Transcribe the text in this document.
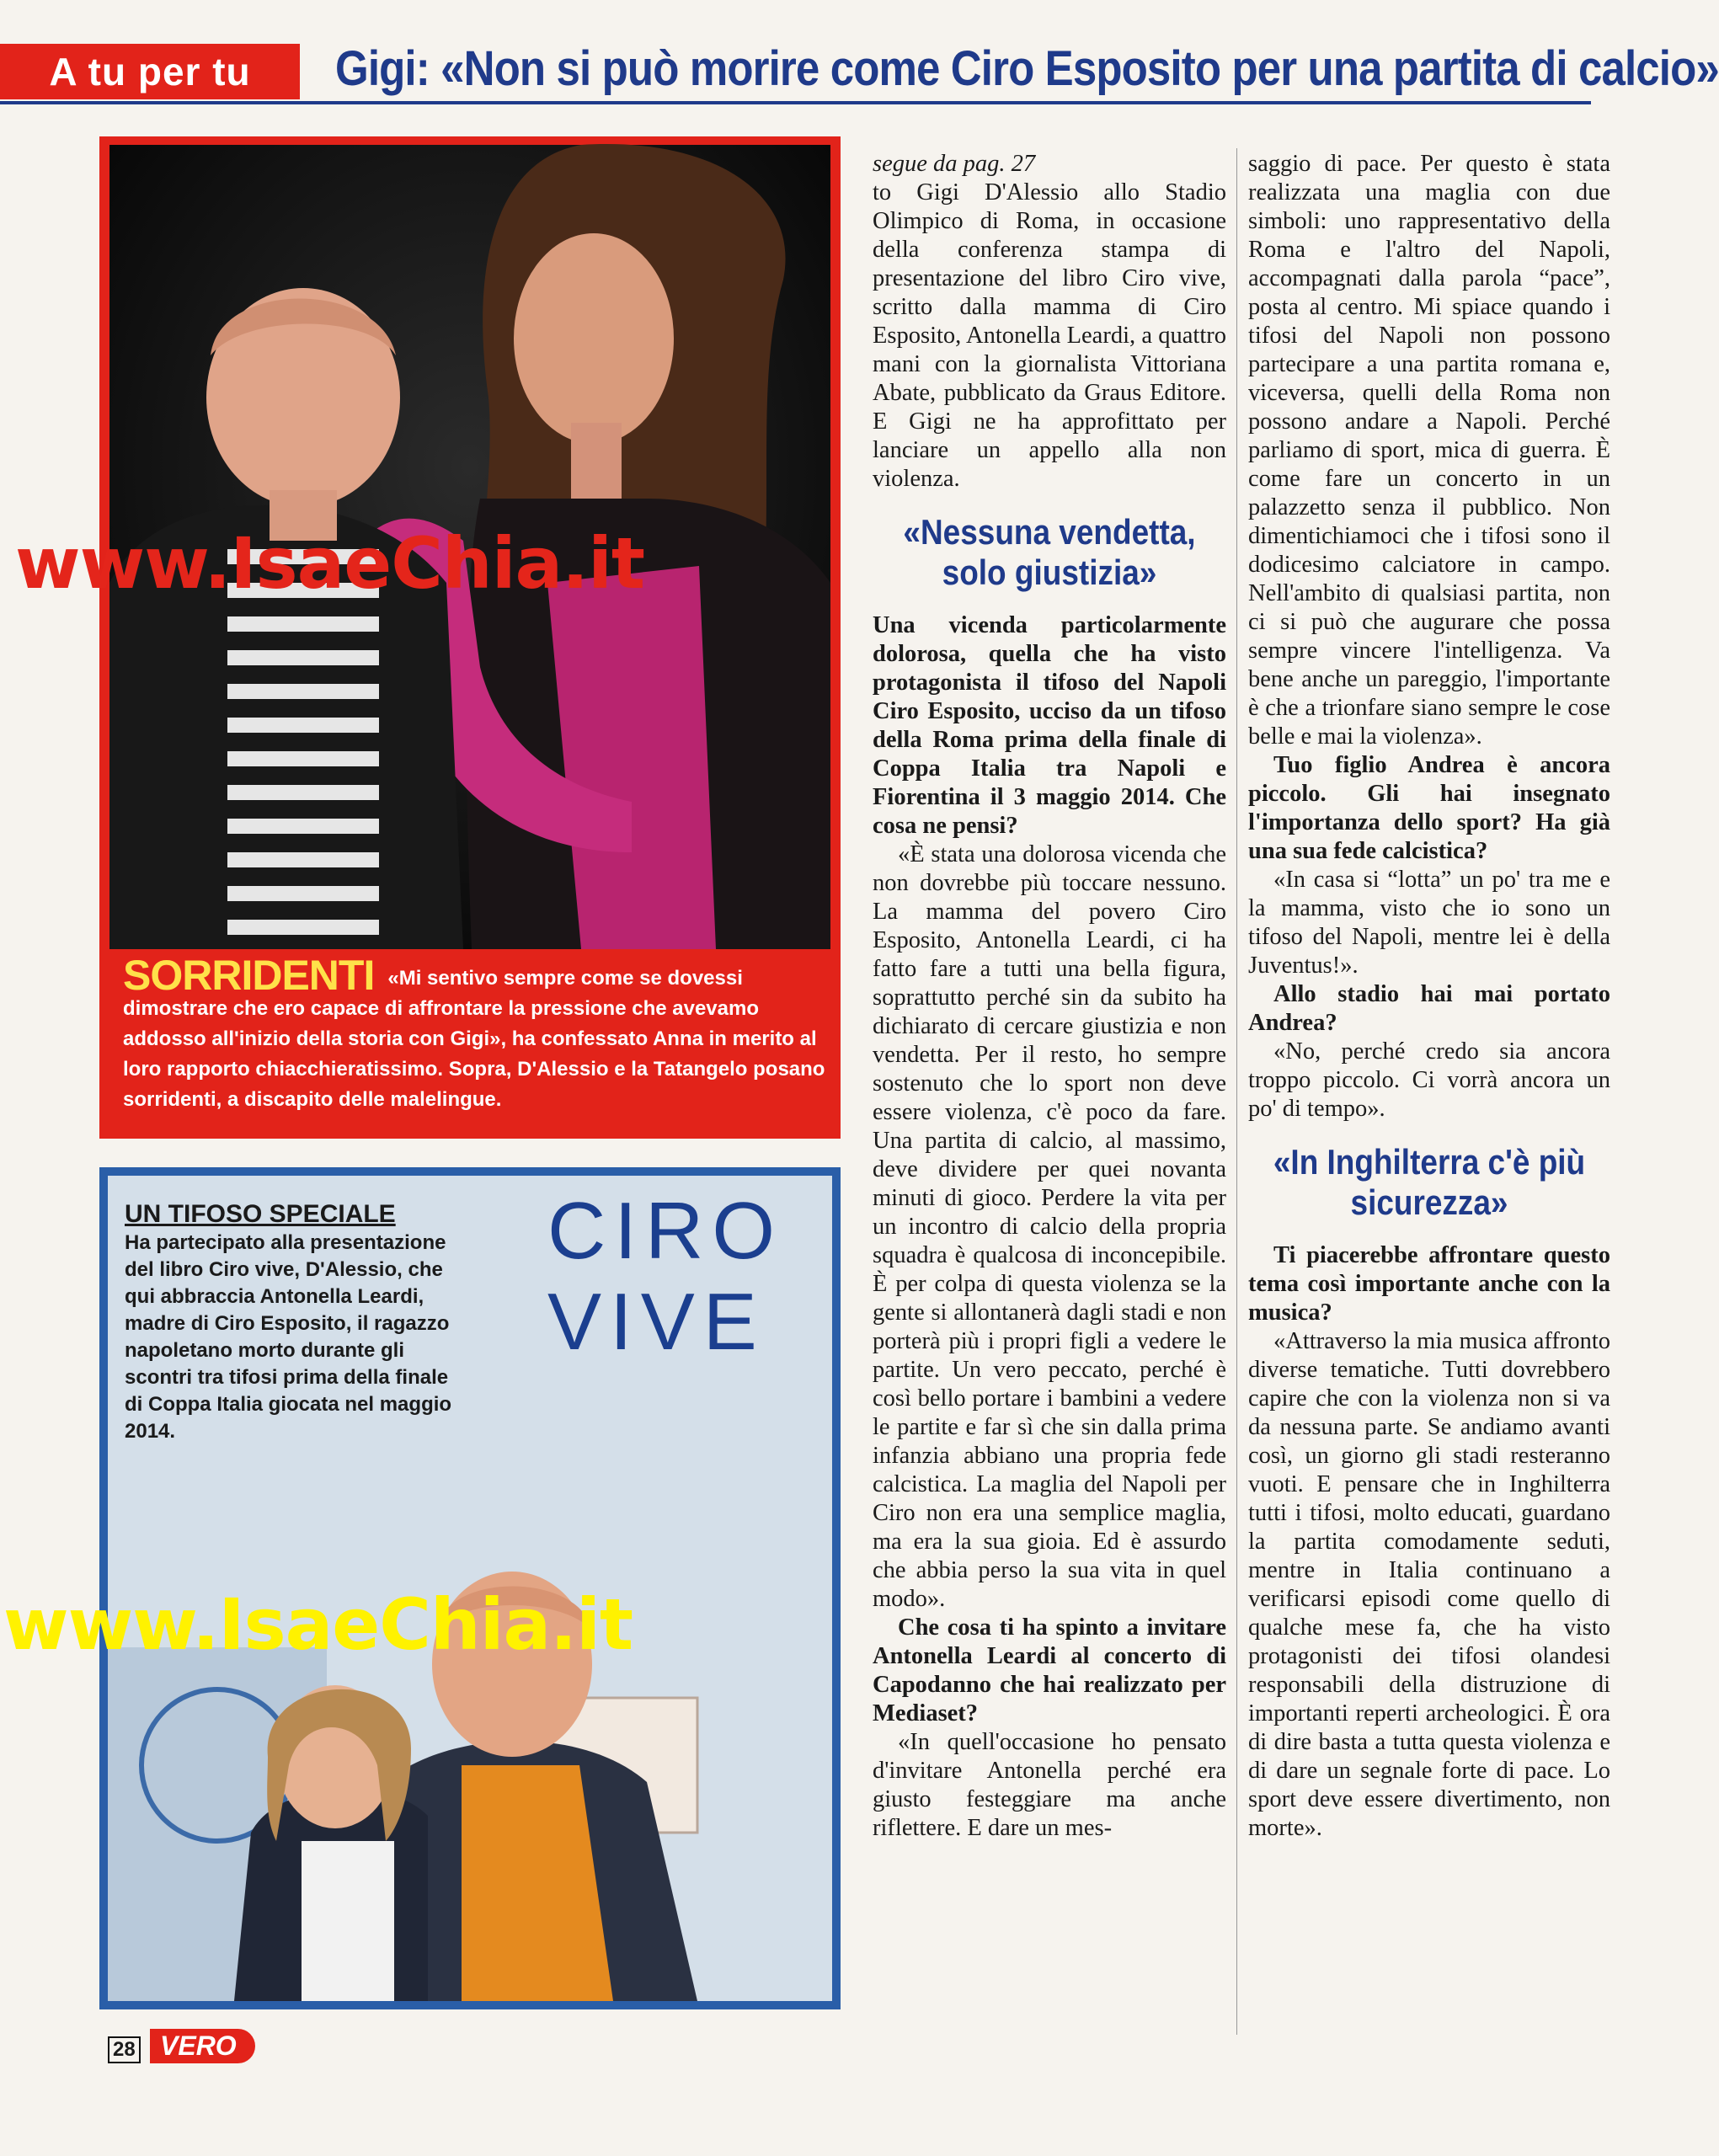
A tu per tu	Gigi: «Non si può morire come Ciro Esposito per una partita di calcio»
SORRIDENTI «Mi sentivo sempre come se dovessi dimostrare che ero capace di affrontare la pressione che avevamo addosso all'inizio della storia con Gigi», ha confessato Anna in merito al loro rapporto chiacchieratissimo. Sopra, D'Alessio e la Tatangelo posano sorridenti, a discapito delle malelingue.
CIRO VIVE
UN TIFOSO SPECIALE
Ha partecipato alla presentazione del libro Ciro vive, D'Alessio, che qui abbraccia Antonella Leardi, madre di Ciro Esposito, il ragazzo napoletano morto durante gli scontri tra tifosi prima della finale di Coppa Italia giocata nel maggio 2014.
www.IsaeChia.it
www.IsaeChia.it

segue da pag. 27

to Gigi D'Alessio allo Stadio Olimpico di Roma, in occasione della conferenza stampa di presentazione del libro Ciro vive, scritto dalla mamma di Ciro Esposito, Antonella Leardi, a quattro mani con la giornalista Vittoriana Abate, pubblicato da Graus Editore. E Gigi ne ha approfittato per lanciare un appello alla non violenza.

«Nessuna vendetta, solo giustizia»

Una vicenda particolarmente dolorosa, quella che ha visto protagonista il tifoso del Napoli Ciro Esposito, ucciso da un tifoso della Roma prima della finale di Coppa Italia tra Napoli e Fiorentina il 3 maggio 2014. Che cosa ne pensi?

«È stata una dolorosa vicenda che non dovrebbe più toccare nessuno. La mamma del povero Ciro Esposito, Antonella Leardi, ci ha fatto fare a tutti una bella figura, soprattutto perché sin da subito ha dichiarato di cercare giustizia e non vendetta. Per il resto, ho sempre sostenuto che lo sport non deve essere violenza, c'è poco da fare. Una partita di calcio, al massimo, deve dividere per quei novanta minuti di gioco. Perdere la vita per un incontro di calcio della propria squadra è qualcosa di inconcepibile. È per colpa di questa violenza se la gente si allontanerà dagli stadi e non porterà più i propri figli a vedere le partite. Un vero peccato, perché è così bello portare i bambini a vedere le partite e far sì che sin dalla prima infanzia abbiano una propria fede calcistica. La maglia del Napoli per Ciro non era una semplice maglia, ma era la sua gioia. Ed è assurdo che abbia perso la sua vita in quel modo».

Che cosa ti ha spinto a invitare Antonella Leardi al concerto di Capodanno che hai realizzato per Mediaset?

«In quell'occasione ho pensato d'invitare Antonella perché era giusto festeggiare ma anche riflettere. E dare un mes-

saggio di pace. Per questo è stata realizzata una maglia con due simboli: uno rappresentativo della Roma e l'altro del Napoli, accompagnati dalla parola “pace”, posta al centro. Mi spiace quando i tifosi del Napoli non possono partecipare a una partita romana e, viceversa, quelli della Roma non possono andare a Napoli. Perché parliamo di sport, mica di guerra. È come fare un concerto in un palazzetto senza il pubblico. Non dimentichiamoci che i tifosi sono il dodicesimo calciatore in campo. Nell'ambito di qualsiasi partita, non ci si può che augurare che possa sempre vincere l'intelligenza. Va bene anche un pareggio, l'importante è che a trionfare siano sempre le cose belle e mai la violenza».

Tuo figlio Andrea è ancora piccolo. Gli hai insegnato l'importanza dello sport? Ha già una sua fede calcistica?

«In casa si “lotta” un po' tra me e la mamma, visto che io sono un tifoso del Napoli, mentre lei è della Juventus!».

Allo stadio hai mai portato Andrea?

«No, perché credo sia ancora troppo piccolo. Ci vorrà ancora un po' di tempo».

«In Inghilterra c'è più sicurezza»

Ti piacerebbe affrontare questo tema così importante anche con la musica?

«Attraverso la mia musica affronto diverse tematiche. Tutti dovrebbero capire che con la violenza non si va da nessuna parte. Se andiamo avanti così, un giorno gli stadi resteranno vuoti. E pensare che in Inghilterra tutti i tifosi, molto educati, guardano la partita comodamente seduti, mentre in Italia continuano a verificarsi episodi come quello di qualche mese fa, che ha visto protagonisti dei tifosi olandesi responsabili della distruzione di importanti reperti archeologici. È ora di dire basta a tutta questa violenza e di dare un segnale forte di pace. Lo sport deve essere divertimento, non morte».

28 VERO
